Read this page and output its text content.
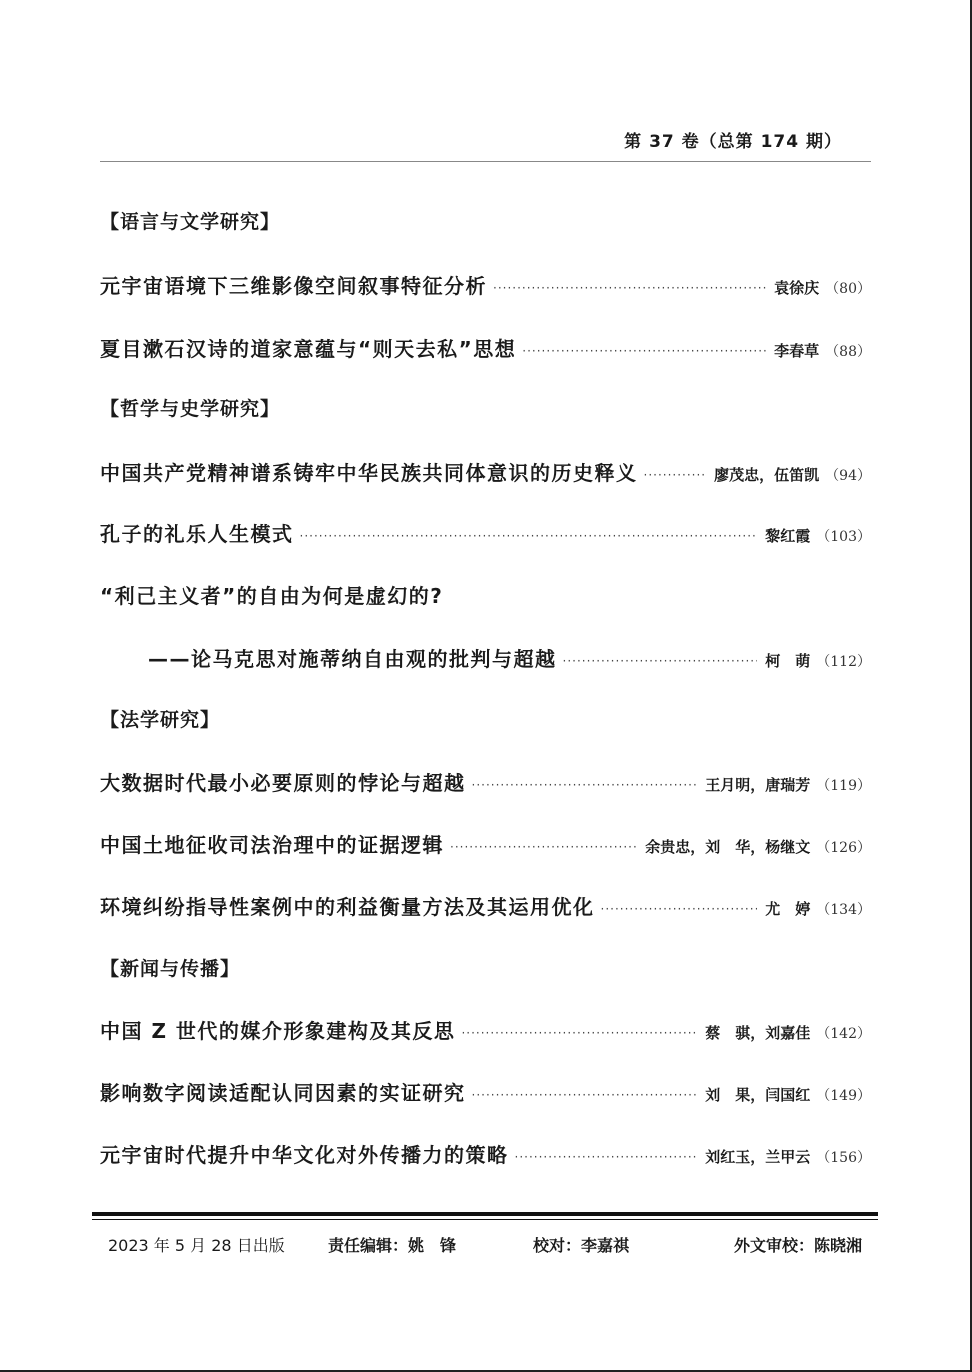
第 37 卷（总第 174 期）
【语言与文学研究】
元宇宙语境下三维影像空间叙事特征分析 ·····	袁徐庆 （80）
夏目漱石汉诗的道家意蕴与“则天去私”思想 ·····	李春草 （88）
【哲学与史学研究】
中国共产党精神谱系铸牢中华民族共同体意识的历史释义 ·····	廖茂忠，伍笛凯 （94）
孔子的礼乐人生模式 ·····	黎红霞 （103）
“利己主义者”的自由为何是虚幻的?
——论马克思对施蒂纳自由观的批判与超越 ·····	柯　萌 （112）
【法学研究】
大数据时代最小必要原则的悖论与超越 ·····	王月明，唐瑞芳 （119）
中国土地征收司法治理中的证据逻辑 ·····	余贵忠，刘　华，杨继文 （126）
环境纠纷指导性案例中的利益衡量方法及其运用优化 ·····	尤　婷 （134）
【新闻与传播】
中国 Z 世代的媒介形象建构及其反思 ·····	蔡　骐，刘嘉佳 （142）
影响数字阅读适配认同因素的实证研究 ·····	刘　果，闫国红 （149）
元宇宙时代提升中华文化对外传播力的策略 ·····	刘红玉，兰甲云 （156）
2023 年 5 月 28 日出版	责任编辑：姚　锋	校对：李嘉祺	外文审校：陈晓湘
